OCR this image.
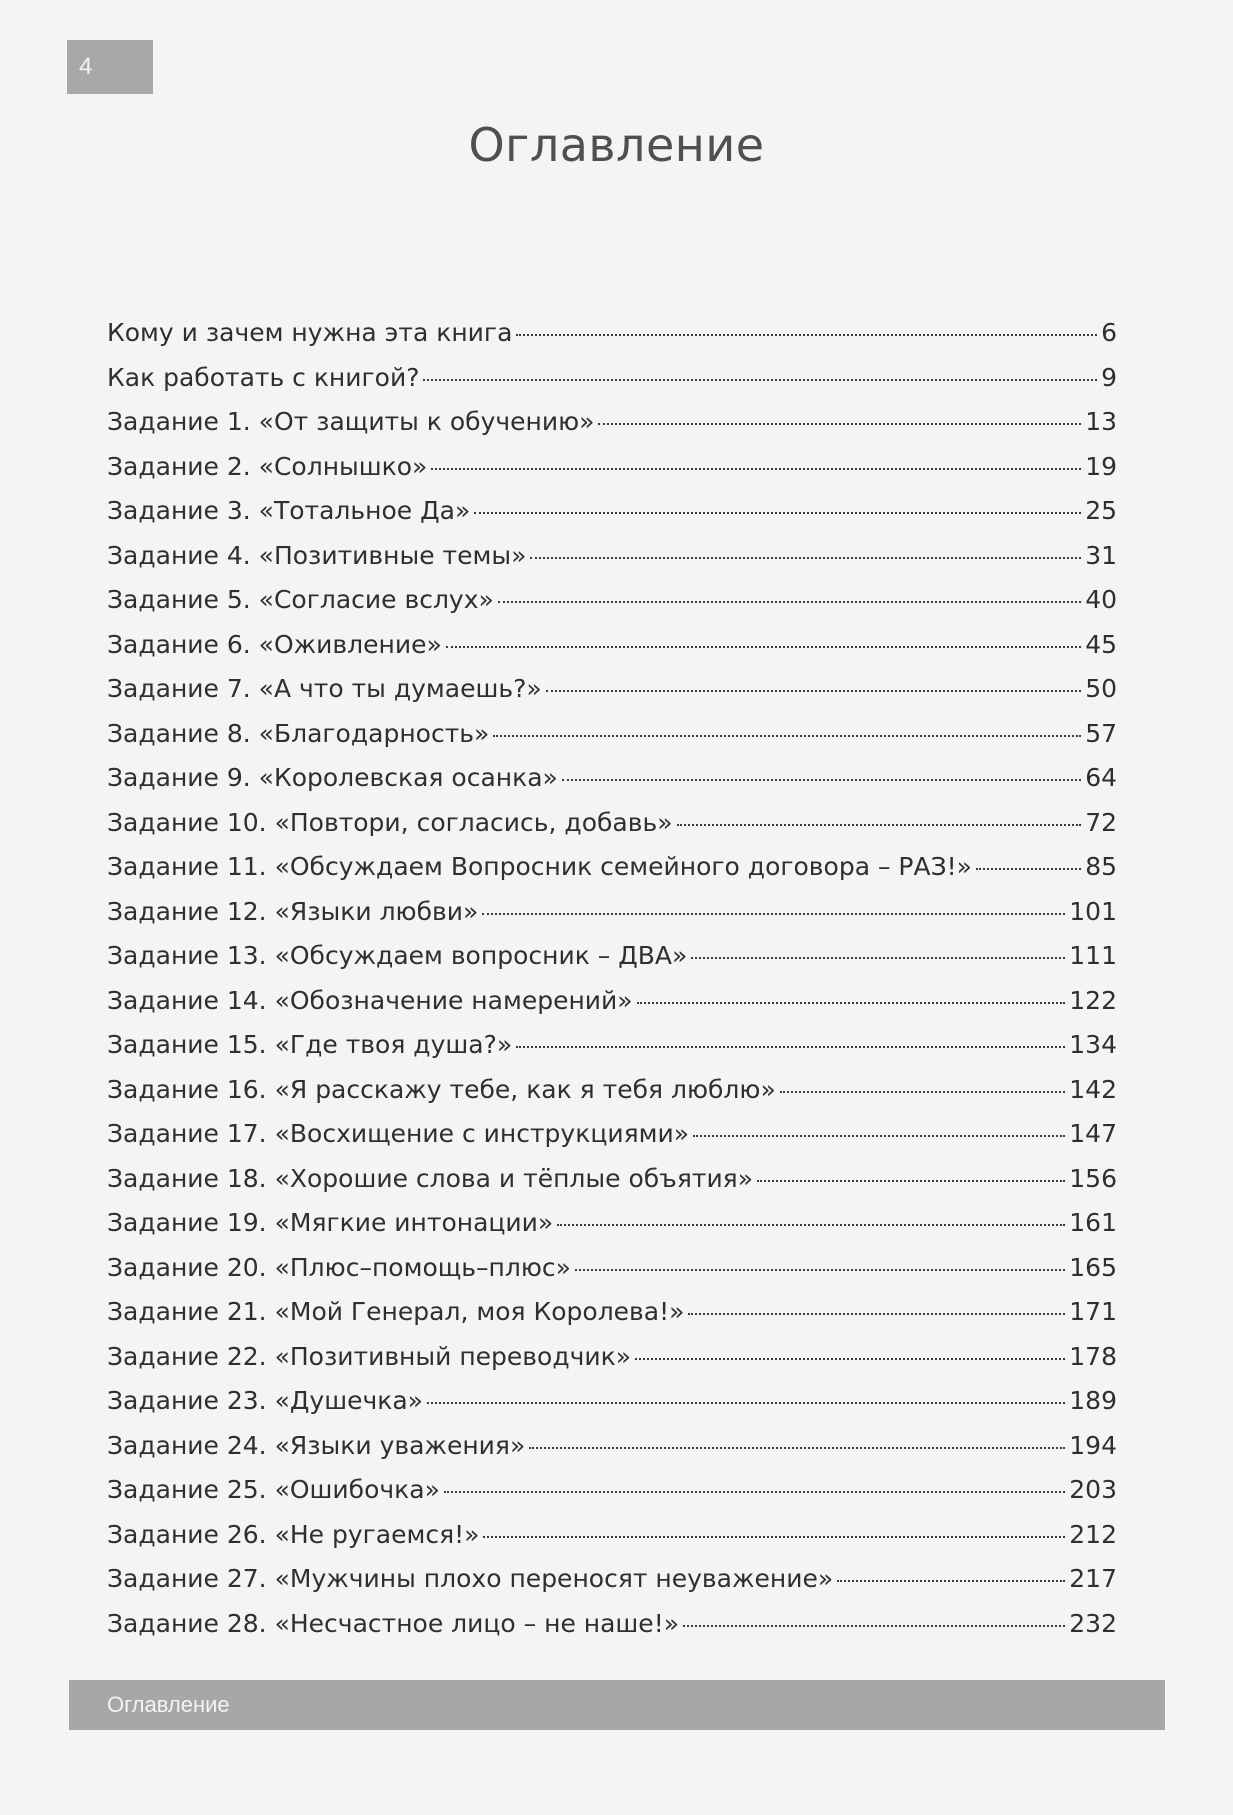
4
Оглавление
Кому и зачем нужна эта книга	6
Как работать с книгой?	9
Задание 1. «От защиты к обучению»	13
Задание 2. «Солнышко»	19
Задание 3. «Тотальное Да»	25
Задание 4. «Позитивные темы»	31
Задание 5. «Согласие вслух»	40
Задание 6. «Оживление»	45
Задание 7. «А что ты думаешь?»	50
Задание 8. «Благодарность»	57
Задание 9. «Королевская осанка»	64
Задание 10. «Повтори, согласись, добавь»	72
Задание 11. «Обсуждаем Вопросник семейного договора – РАЗ!»	85
Задание 12. «Языки любви»	101
Задание 13. «Обсуждаем вопросник – ДВА»	111
Задание 14. «Обозначение намерений»	122
Задание 15. «Где твоя душа?»	134
Задание 16. «Я расскажу тебе, как я тебя люблю»	142
Задание 17. «Восхищение с инструкциями»	147
Задание 18. «Хорошие слова и тёплые объятия»	156
Задание 19. «Мягкие интонации»	161
Задание 20. «Плюс–помощь–плюс»	165
Задание 21. «Мой Генерал, моя Королева!»	171
Задание 22. «Позитивный переводчик»	178
Задание 23. «Душечка»	189
Задание 24. «Языки уважения»	194
Задание 25. «Ошибочка»	203
Задание 26. «Не ругаемся!»	212
Задание 27. «Мужчины плохо переносят неуважение»	217
Задание 28. «Несчастное лицо – не наше!»	232
Оглавление
